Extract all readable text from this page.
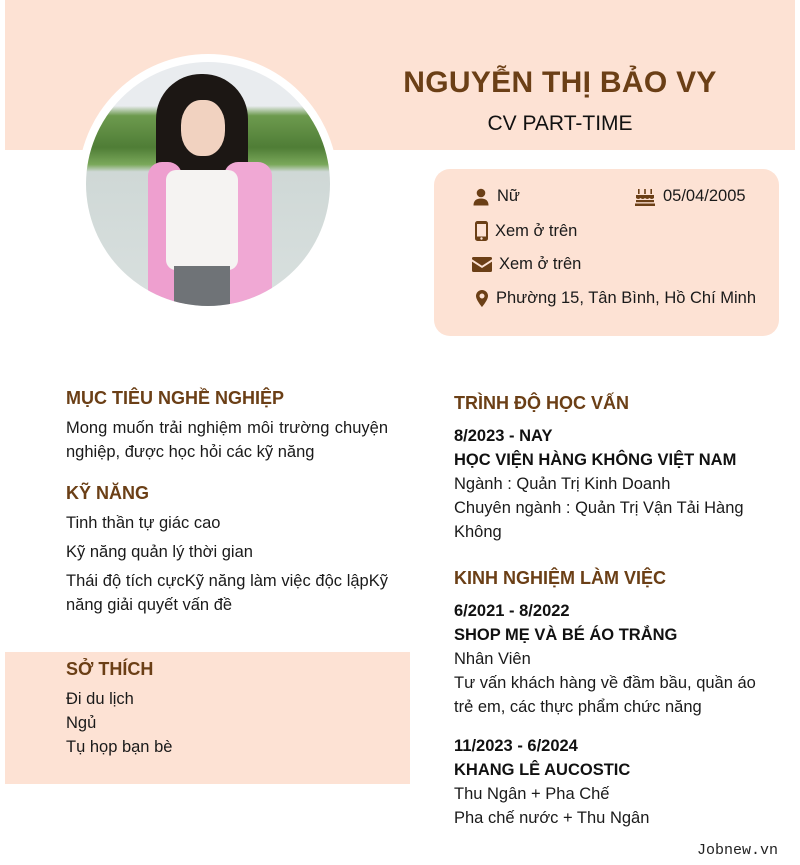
NGUYỄN THỊ BẢO VY
CV PART-TIME
Nữ	05/04/2005
Xem ở trên
Xem ở trên
Phường 15, Tân Bình, Hồ Chí Minh
MỤC TIÊU NGHỀ NGHIỆP
Mong muốn trải nghiệm môi trường chuyện nghiệp, được học hỏi các kỹ năng
KỸ NĂNG
Tinh thần tự giác cao
Kỹ năng quản lý thời gian
Thái độ tích cựcKỹ năng làm việc độc lậpKỹ năng giải quyết vấn đề
SỞ THÍCH
Đi du lịch
Ngủ
Tụ họp bạn bè
TRÌNH ĐỘ HỌC VẤN
8/2023 - NAY
HỌC VIỆN HÀNG KHÔNG VIỆT NAM
Ngành : Quản Trị Kinh Doanh
Chuyên ngành : Quản Trị Vận Tải Hàng Không
KINH NGHIỆM LÀM VIỆC
6/2021 - 8/2022
SHOP MẸ VÀ BÉ ÁO TRẮNG
Nhân Viên
Tư vấn khách hàng về đầm bầu, quần áo trẻ em, các thực phẩm chức năng
11/2023 - 6/2024
KHANG LÊ AUCOSTIC
Thu Ngân + Pha Chế
Pha chế nước + Thu Ngân
Jobnew.vn
